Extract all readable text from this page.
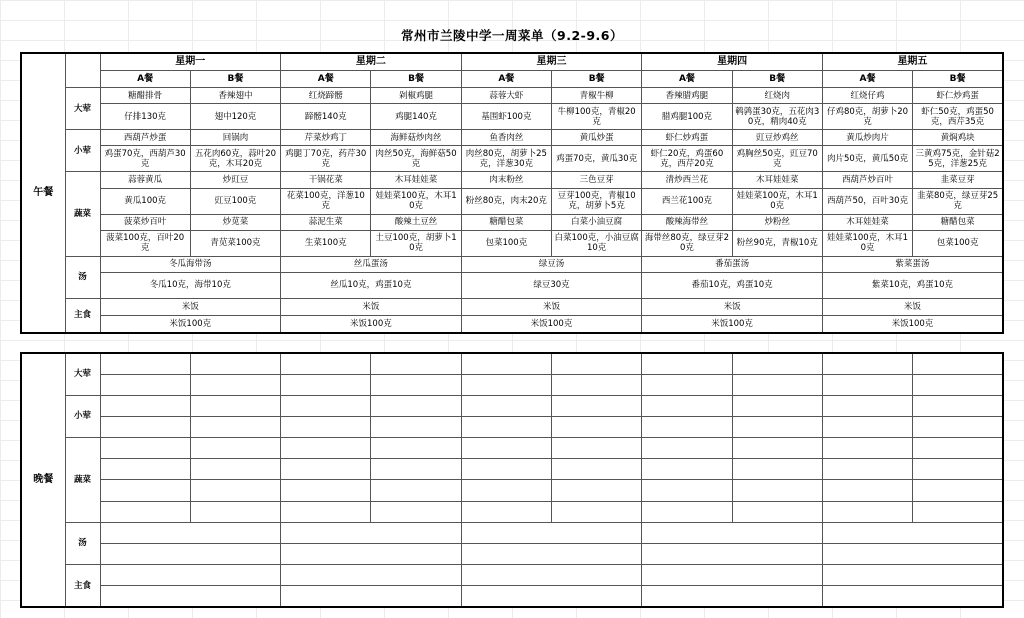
常州市兰陵中学一周菜单（9.2-9.6）
午餐		星期一		星期二		星期三		星期四		星期五	
		A餐	B餐	A餐	B餐	A餐	B餐	A餐	B餐	A餐	B餐
	大荤	糖醋排骨	香辣翅中	红烧蹄髈	剁椒鸡腿	蒜蓉大虾	青椒牛柳	香辣腊鸡腿	红烧肉	红烧仔鸡	虾仁炒鸡蛋
		仔排130克	翅中120克	蹄髈140克	鸡腿140克	基围虾100克	牛柳100克，青椒20克	腊鸡腿100克	鹌鹑蛋30克，五花肉30克，精肉40克	仔鸡80克，胡萝卜20克	虾仁50克，鸡蛋50克，西芹35克
	小荤	西葫芦炒蛋	回锅肉	芹菜炒鸡丁	海鲜菇炒肉丝	鱼香肉丝	黄瓜炒蛋	虾仁炒鸡蛋	豇豆炒鸡丝	黄瓜炒肉片	黄焖鸡块
		鸡蛋70克，西葫芦30克	五花肉60克，蒜叶20克，木耳20克	鸡腿丁70克，药芹30克	肉丝50克，海鲜菇50克	肉丝80克，胡萝卜25克，洋葱30克	鸡蛋70克，黄瓜30克	虾仁20克，鸡蛋60克，西芹20克	鸡胸丝50克，豇豆70克	肉片50克，黄瓜50克	三黄鸡75克，金针菇25克，洋葱25克
	蔬菜	蒜蓉黄瓜	炒豇豆	干锅花菜	木耳娃娃菜	肉末粉丝	三色豆芽	清炒西兰花	木耳娃娃菜	西葫芦炒百叶	韭菜豆芽
		黄瓜100克	豇豆100克	花菜100克，洋葱10克	娃娃菜100克，木耳10克	粉丝80克，肉末20克	豆芽100克，青椒10克，胡萝卜5克	西兰花100克	娃娃菜100克，木耳10克	西葫芦50，百叶30克	韭菜80克，绿豆芽25克
		菠菜炒百叶	炒苋菜	蒜泥生菜	酸辣土豆丝	糖醋包菜	白菜小油豆腐	酸辣海带丝	炒粉丝	木耳娃娃菜	糖醋包菜
		菠菜100克，百叶20克	青苋菜100克	生菜100克	土豆100克，胡萝卜10克	包菜100克	白菜100克，小油豆腐10克	海带丝80克，绿豆芽20克	粉丝90克，青椒10克	娃娃菜100克，木耳10克	包菜100克
	汤	冬瓜海带汤		丝瓜蛋汤		绿豆汤		番茄蛋汤		紫菜蛋汤	
		冬瓜10克，海带10克		丝瓜10克，鸡蛋10克		绿豆30克		番茄10克，鸡蛋10克		紫菜10克，鸡蛋10克	
	主食	米饭		米饭		米饭		米饭		米饭	
		米饭100克		米饭100克		米饭100克		米饭100克		米饭100克	
晚餐	大荤										

	小荤										

	蔬菜										

	汤										

	主食										
